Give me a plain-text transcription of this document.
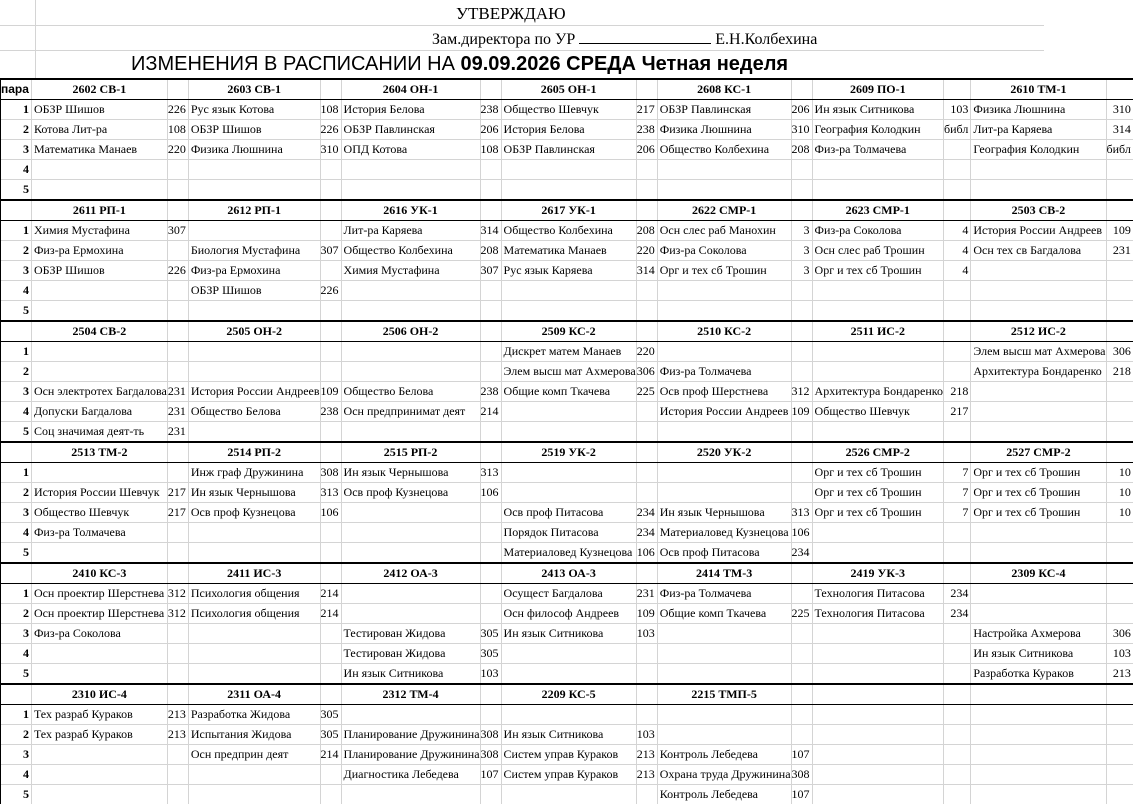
УТВЕРЖДАЮ
Зам.директора по УР	Е.Н.Колбехина
ИЗМЕНЕНИЯ В РАСПИСАНИИ НА 09.09.2026 СРЕДА Четная неделя
пара	2602 СВ-1		2603 СВ-1		2604 ОН-1		2605 ОН-1		2608 КС-1		2609 ПО-1		2610 ТМ-1	
1	ОБЗР Шишов	226	Рус язык Котова	108	История Белова	238	Общество Шевчук	217	ОБЗР Павлинская	206	Ин язык Ситникова	103	Физика Люшнина	310
2	Котова Лит-ра	108	ОБЗР Шишов	226	ОБЗР Павлинская	206	История Белова	238	Физика Люшнина	310	География Колодкин	библ	Лит-ра Каряева	314
3	Математика Манаев	220	Физика Люшнина	310	ОПД Котова	108	ОБЗР Павлинская	206	Общество Колбехина	208	Физ-ра Толмачева		География Колодкин	библ
4														
5														
	2611 РП-1		2612 РП-1		2616 УК-1		2617 УК-1		2622 СМР-1		2623 СМР-1		2503 СВ-2	
1	Химия Мустафина	307			Лит-ра Каряева	314	Общество Колбехина	208	Осн слес раб Манохин	3	Физ-ра Соколова	4	История России Андреев	109
2	Физ-ра Ермохина		Биология Мустафина	307	Общество Колбехина	208	Математика Манаев	220	Физ-ра Соколова	3	Осн слес раб Трошин	4	Осн тех св Багдалова	231
3	ОБЗР Шишов	226	Физ-ра Ермохина		Химия Мустафина	307	Рус язык Каряева	314	Орг и тех сб Трошин	3	Орг и тех сб Трошин	4		
4			ОБЗР Шишов	226										
5														
	2504 СВ-2		2505 ОН-2		2506 ОН-2		2509 КС-2		2510 КС-2		2511 ИС-2		2512 ИС-2	
1							Дискрет матем Манаев	220					Элем высш мат Ахмерова	306
2							Элем высш мат Ахмерова	306	Физ-ра Толмачева				Архитектура Бондаренко	218
3	Осн электротех Багдалова	231	История России Андреев	109	Общество Белова	238	Общие комп Ткачева	225	Осв проф Шерстнева	312	Архитектура Бондаренко	218		
4	Допуски Багдалова	231	Общество Белова	238	Осн предпринимат деят	214			История России Андреев	109	Общество Шевчук	217		
5	Соц значимая деят-ть	231												
	2513 ТМ-2		2514 РП-2		2515 РП-2		2519 УК-2		2520 УК-2		2526 СМР-2		2527 СМР-2	
1			Инж граф Дружинина	308	Ин язык Чернышова	313					Орг и тех сб Трошин	7	Орг и тех сб Трошин	10
2	История России Шевчук	217	Ин язык Чернышова	313	Осв проф Кузнецова	106					Орг и тех сб Трошин	7	Орг и тех сб Трошин	10
3	Общество Шевчук	217	Осв проф Кузнецова	106			Осв проф Питасова	234	Ин язык Чернышова	313	Орг и тех сб Трошин	7	Орг и тех сб Трошин	10
4	Физ-ра Толмачева						Порядок Питасова	234	Материаловед Кузнецова	106				
5							Материаловед Кузнецова	106	Осв проф Питасова	234				
	2410 КС-3		2411 ИС-3		2412 ОА-3		2413 ОА-3		2414 ТМ-3		2419 УК-3		2309 КС-4	
1	Осн проектир Шерстнева	312	Психология общения	214			Осущест Багдалова	231	Физ-ра Толмачева		Технология Питасова	234		
2	Осн проектир Шерстнева	312	Психология общения	214			Осн философ Андреев	109	Общие комп Ткачева	225	Технология Питасова	234		
3	Физ-ра Соколова				Тестирован Жидова	305	Ин язык Ситникова	103					Настройка Ахмерова	306
4					Тестирован Жидова	305							Ин язык Ситникова	103
5					Ин язык Ситникова	103							Разработка Кураков	213
	2310 ИС-4		2311 ОА-4		2312 ТМ-4		2209 КС-5		2215 ТМП-5					
1	Тех разраб Кураков	213	Разработка Жидова	305										
2	Тех разраб Кураков	213	Испытания Жидова	305	Планирование Дружинина	308	Ин язык Ситникова	103						
3			Осн предприн деят	214	Планирование Дружинина	308	Систем управ Кураков	213	Контроль Лебедева	107				
4					Диагностика Лебедева	107	Систем управ Кураков	213	Охрана труда Дружинина	308				
5									Контроль Лебедева	107				
